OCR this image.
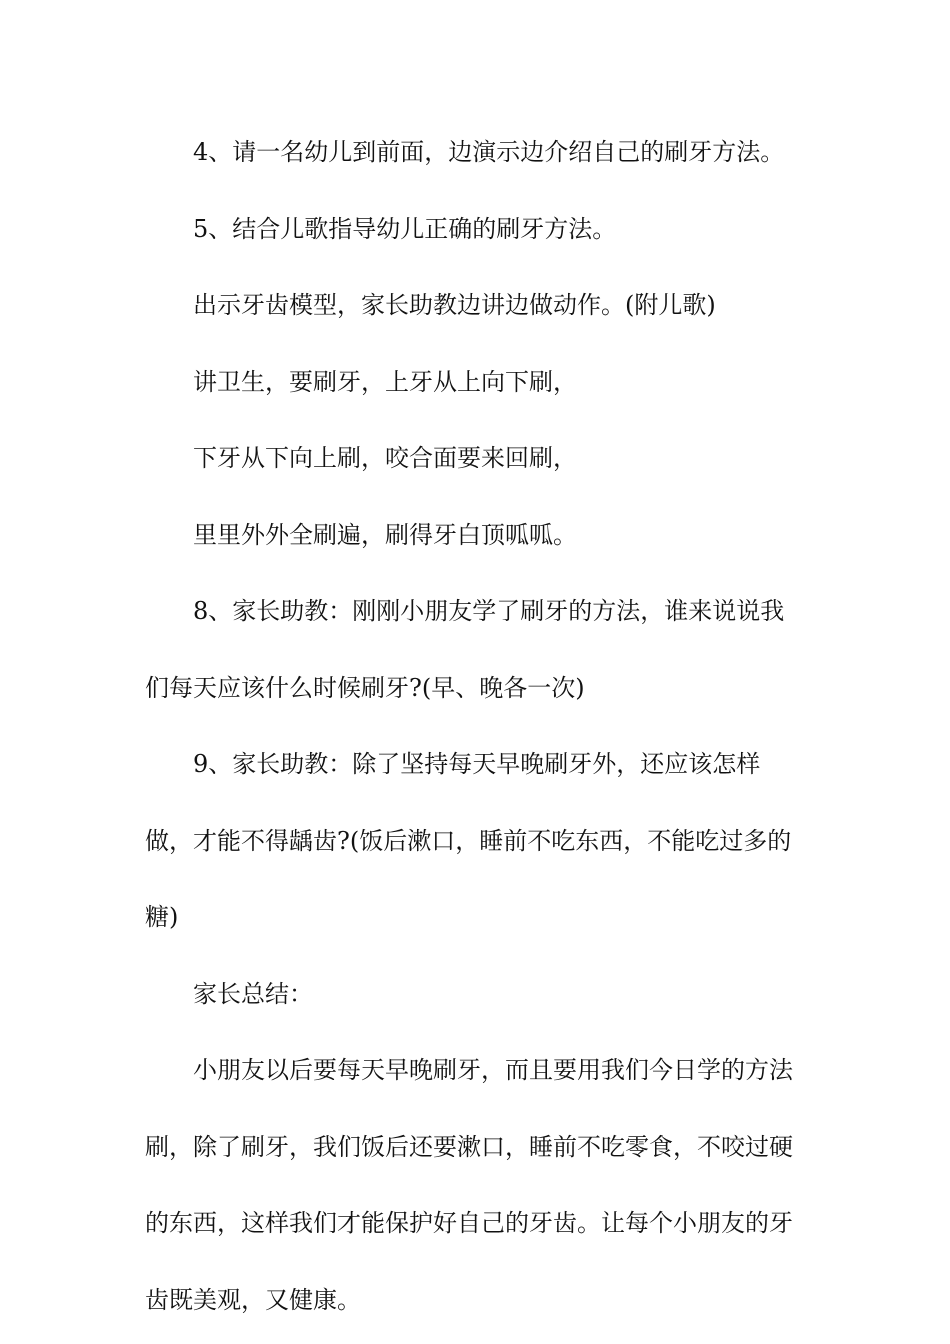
4、请一名幼儿到前面，边演示边介绍自己的刷牙方法。

5、结合儿歌指导幼儿正确的刷牙方法。

出示牙齿模型，家长助教边讲边做动作。(附儿歌)

讲卫生，要刷牙，上牙从上向下刷，

下牙从下向上刷，咬合面要来回刷，

里里外外全刷遍，刷得牙白顶呱呱。

8、家长助教：刚刚小朋友学了刷牙的方法，谁来说说我们每天应该什么时候刷牙?(早、晚各一次)

9、家长助教：除了坚持每天早晚刷牙外，还应该怎样做，才能不得龋齿?(饭后漱口，睡前不吃东西，不能吃过多的糖)

家长总结：

小朋友以后要每天早晚刷牙，而且要用我们今日学的方法刷，除了刷牙，我们饭后还要漱口，睡前不吃零食，不咬过硬的东西，这样我们才能保护好自己的牙齿。让每个小朋友的牙齿既美观，又健康。
